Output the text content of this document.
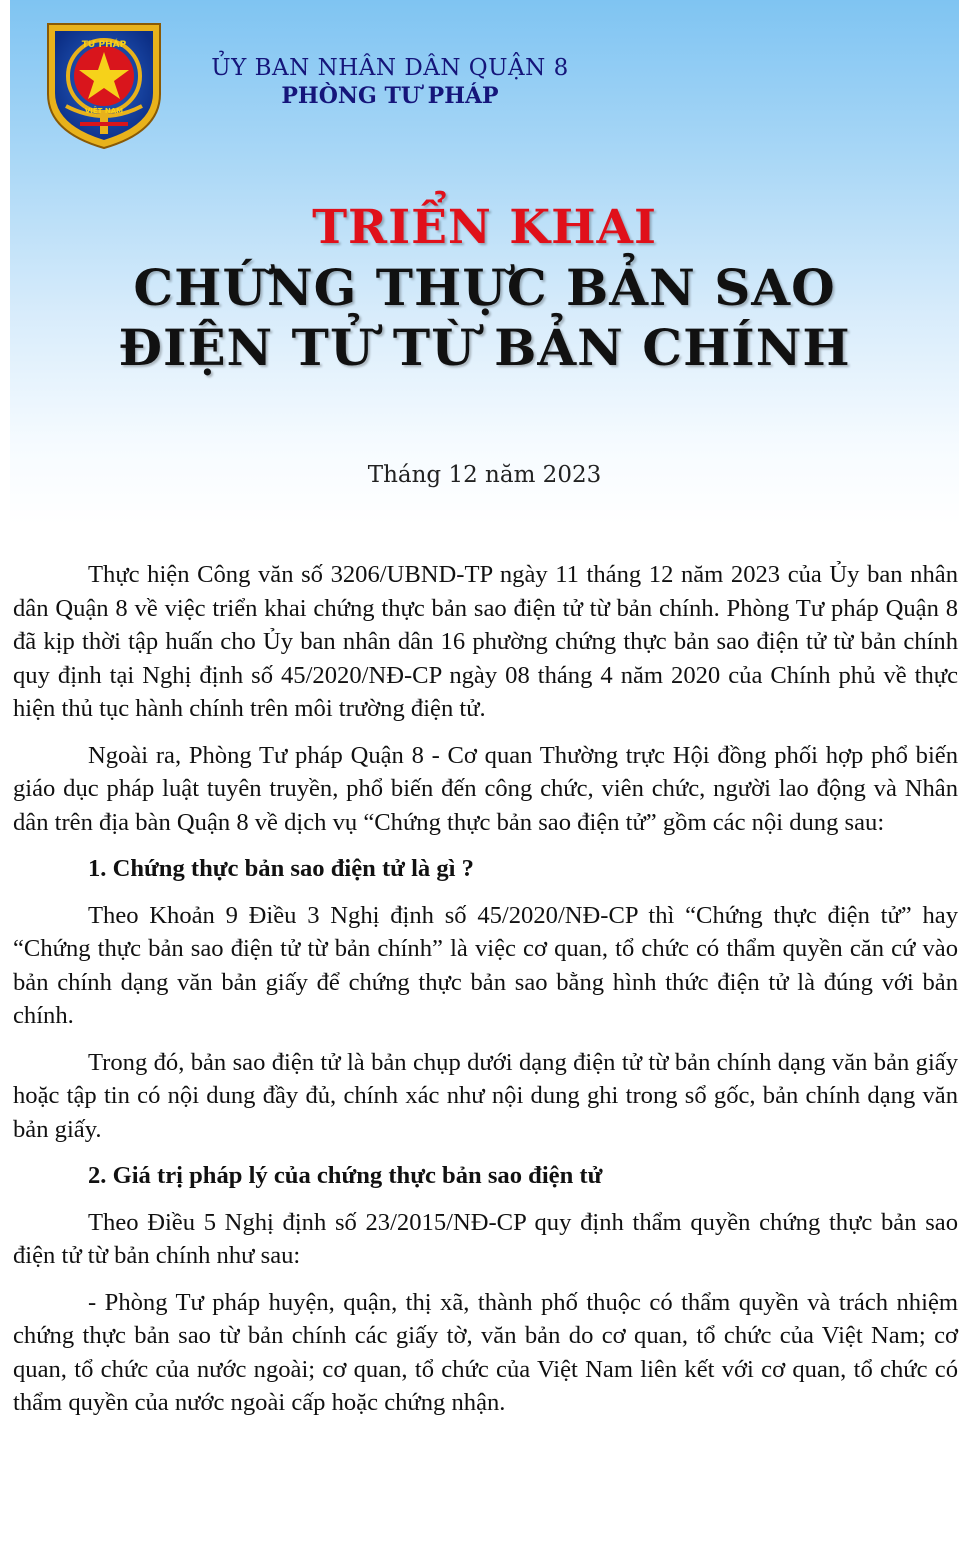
TƯ PHÁP
VIỆT NAM
ỦY BAN NHÂN DÂN QUẬN 8
PHÒNG TƯ PHÁP
TRIỂN KHAI
CHỨNG THỰC BẢN SAO
ĐIỆN TỬ TỪ BẢN CHÍNH
Tháng 12 năm 2023

Thực hiện Công văn số 3206/UBND-TP ngày 11 tháng 12 năm 2023 của Ủy ban nhân dân Quận 8 về việc triển khai chứng thực bản sao điện tử từ bản chính. Phòng Tư pháp Quận 8 đã kịp thời tập huấn cho Ủy ban nhân dân 16 phường chứng thực bản sao điện tử từ bản chính quy định tại Nghị định số 45/2020/NĐ-CP ngày 08 tháng 4 năm 2020 của Chính phủ về thực hiện thủ tục hành chính trên môi trường điện tử.

Ngoài ra, Phòng Tư pháp Quận 8 - Cơ quan Thường trực Hội đồng phối hợp phổ biến giáo dục pháp luật tuyên truyền, phổ biến đến công chức, viên chức, người lao động và Nhân dân trên địa bàn Quận 8 về dịch vụ “Chứng thực bản sao điện tử” gồm các nội dung sau:

1. Chứng thực bản sao điện tử là gì ?

Theo Khoản 9 Điều 3 Nghị định số 45/2020/NĐ-CP thì “Chứng thực điện tử” hay “Chứng thực bản sao điện tử từ bản chính” là việc cơ quan, tổ chức có thẩm quyền căn cứ vào bản chính dạng văn bản giấy để chứng thực bản sao bằng hình thức điện tử là đúng với bản chính.

Trong đó, bản sao điện tử là bản chụp dưới dạng điện tử từ bản chính dạng văn bản giấy hoặc tập tin có nội dung đầy đủ, chính xác như nội dung ghi trong sổ gốc, bản chính dạng văn bản giấy.

2. Giá trị pháp lý của chứng thực bản sao điện tử

Theo Điều 5 Nghị định số 23/2015/NĐ-CP quy định thẩm quyền chứng thực bản sao điện tử từ bản chính như sau:

- Phòng Tư pháp huyện, quận, thị xã, thành phố thuộc có thẩm quyền và trách nhiệm chứng thực bản sao từ bản chính các giấy tờ, văn bản do cơ quan, tổ chức của Việt Nam; cơ quan, tổ chức của nước ngoài; cơ quan, tổ chức của Việt Nam liên kết với cơ quan, tổ chức có thẩm quyền của nước ngoài cấp hoặc chứng nhận.
